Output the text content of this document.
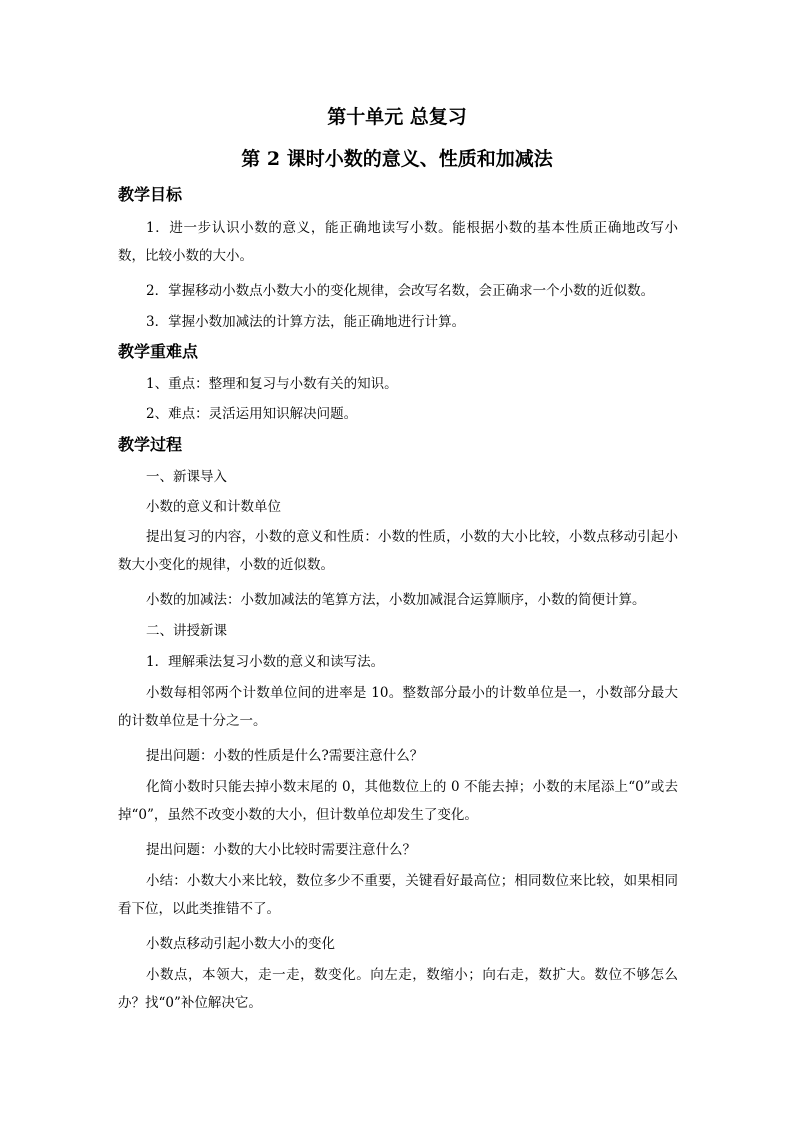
第十单元 总复习
第 2 课时小数的意义、性质和加减法
教学目标

1．进一步认识小数的意义，能正确地读写小数。能根据小数的基本性质正确地改写小数，比较小数的大小。

2．掌握移动小数点小数大小的变化规律，会改写名数，会正确求一个小数的近似数。

3．掌握小数加减法的计算方法，能正确地进行计算。

教学重难点

1、重点：整理和复习与小数有关的知识。

2、难点：灵活运用知识解决问题。

教学过程

一、新课导入

小数的意义和计数单位

提出复习的内容，小数的意义和性质：小数的性质，小数的大小比较，小数点移动引起小数大小变化的规律，小数的近似数。

小数的加减法：小数加减法的笔算方法，小数加减混合运算顺序，小数的简便计算。

二、讲授新课

1．理解乘法复习小数的意义和读写法。

小数每相邻两个计数单位间的进率是 10。整数部分最小的计数单位是一，小数部分最大的计数单位是十分之一。

提出问题：小数的性质是什么?需要注意什么？

化简小数时只能去掉小数末尾的 0，其他数位上的 0 不能去掉；小数的末尾添上“0”或去掉“0”，虽然不改变小数的大小，但计数单位却发生了变化。

提出问题：小数的大小比较时需要注意什么？

小结：小数大小来比较，数位多少不重要，关键看好最高位；相同数位来比较，如果相同看下位，以此类推错不了。

小数点移动引起小数大小的变化

小数点，本领大，走一走，数变化。向左走，数缩小；向右走，数扩大。数位不够怎么办？找“0”补位解决它。
